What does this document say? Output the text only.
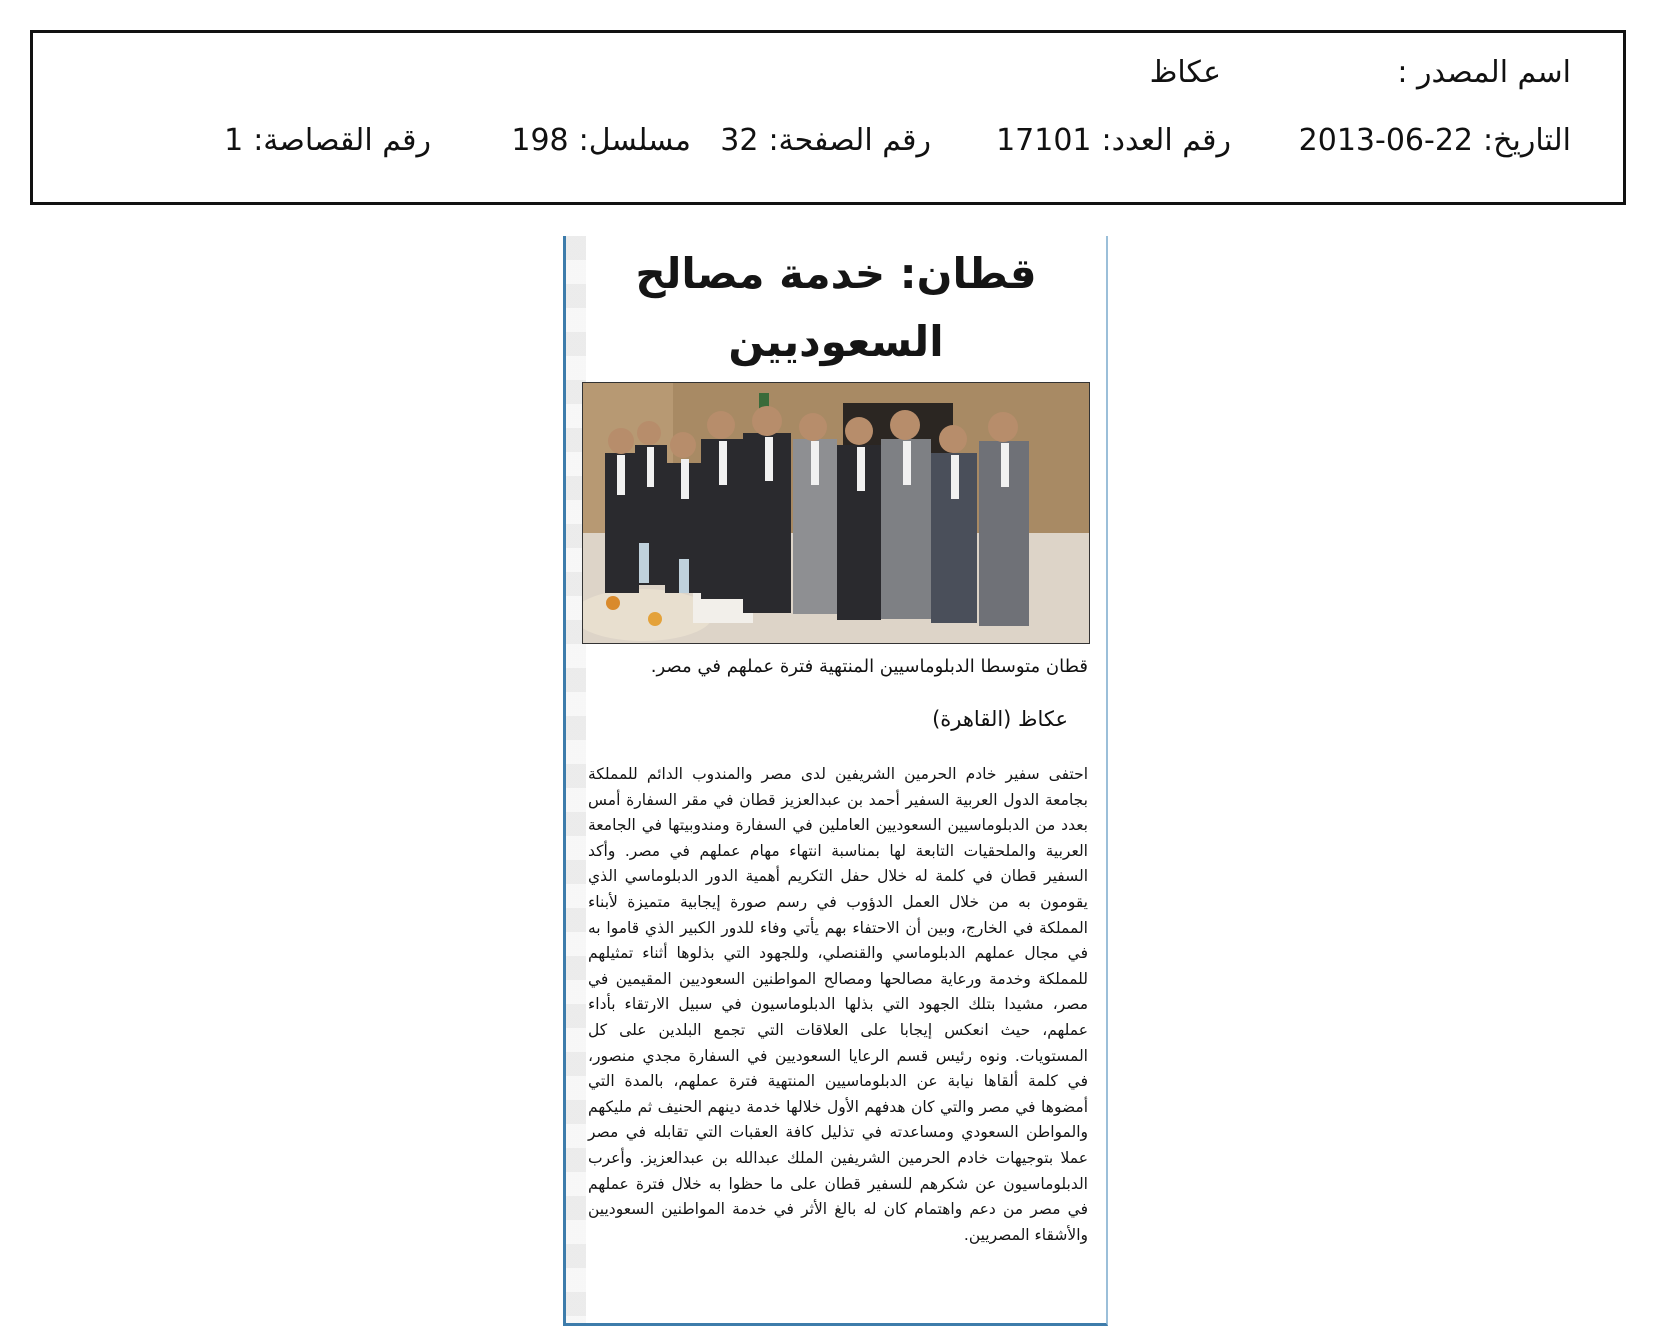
اسم المصدر :
عكاظ
التاريخ:2013-06-22
رقم العدد:17101
رقم الصفحة:32
مسلسل:198
رقم القصاصة:1
قطان: خدمة مصالح السعوديين
قطان متوسطا الدبلوماسيين المنتهية فترة عملهم في مصر.
عكاظ (القاهرة)
احتفى سفير خادم الحرمين الشريفين لدى مصر والمندوب الدائم للمملكة بجامعة الدول العربية السفير أحمد بن عبدالعزيز قطان في مقر السفارة أمس بعدد من الدبلوماسيين السعوديين العاملين في السفارة ومندوبيتها في الجامعة العربية والملحقيات التابعة لها بمناسبة انتهاء مهام عملهم في مصر. وأكد السفير قطان في كلمة له خلال حفل التكريم أهمية الدور الدبلوماسي الذي يقومون به من خلال العمل الدؤوب في رسم صورة إيجابية متميزة لأبناء المملكة في الخارج، وبين أن الاحتفاء بهم يأتي وفاء للدور الكبير الذي قاموا به في مجال عملهم الدبلوماسي والقنصلي، وللجهود التي بذلوها أثناء تمثيلهم للمملكة وخدمة ورعاية مصالحها ومصالح المواطنين السعوديين المقيمين في مصر، مشيدا بتلك الجهود التي بذلها الدبلوماسيون في سبيل الارتقاء بأداء عملهم، حيث انعكس إيجابا على العلاقات التي تجمع البلدين على كل المستويات. ونوه رئيس قسم الرعايا السعوديين في السفارة مجدي منصور، في كلمة ألقاها نيابة عن الدبلوماسيين المنتهية فترة عملهم، بالمدة التي أمضوها في مصر والتي كان هدفهم الأول خلالها خدمة دينهم الحنيف ثم مليكهم والمواطن السعودي ومساعدته في تذليل كافة العقبات التي تقابله في مصر عملا بتوجيهات خادم الحرمين الشريفين الملك عبدالله بن عبدالعزيز. وأعرب الدبلوماسيون عن شكرهم للسفير قطان على ما حظوا به خلال فترة عملهم في مصر من دعم واهتمام كان له بالغ الأثر في خدمة المواطنين السعوديين والأشقاء المصريين.
